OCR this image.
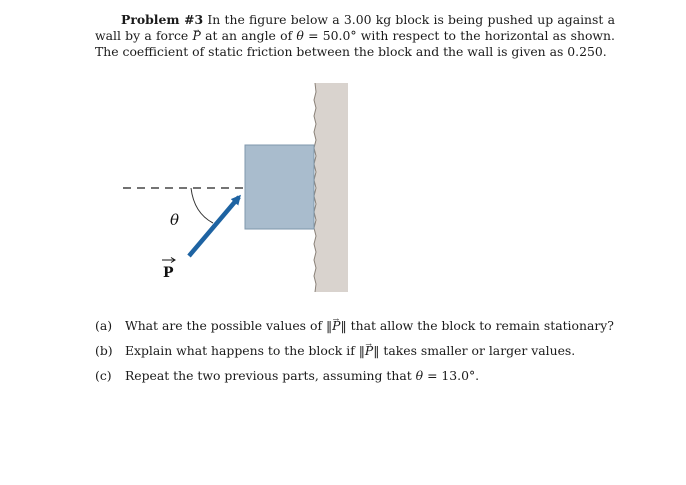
Problem #3 In the figure below a 3.00 kg block is being pushed up against a wall by a force → P at an angle of θ = 50.0° with respect to the horizontal as shown. The coefficient of static friction between the block and the wall is given as 0.250.
θ
P
(a) What are the possible values of ‖→ P‖ that allow the block to remain stationary?
(b) Explain what happens to the block if ‖→ P‖ takes smaller or larger values.
(c) Repeat the two previous parts, assuming that θ = 13.0°.
